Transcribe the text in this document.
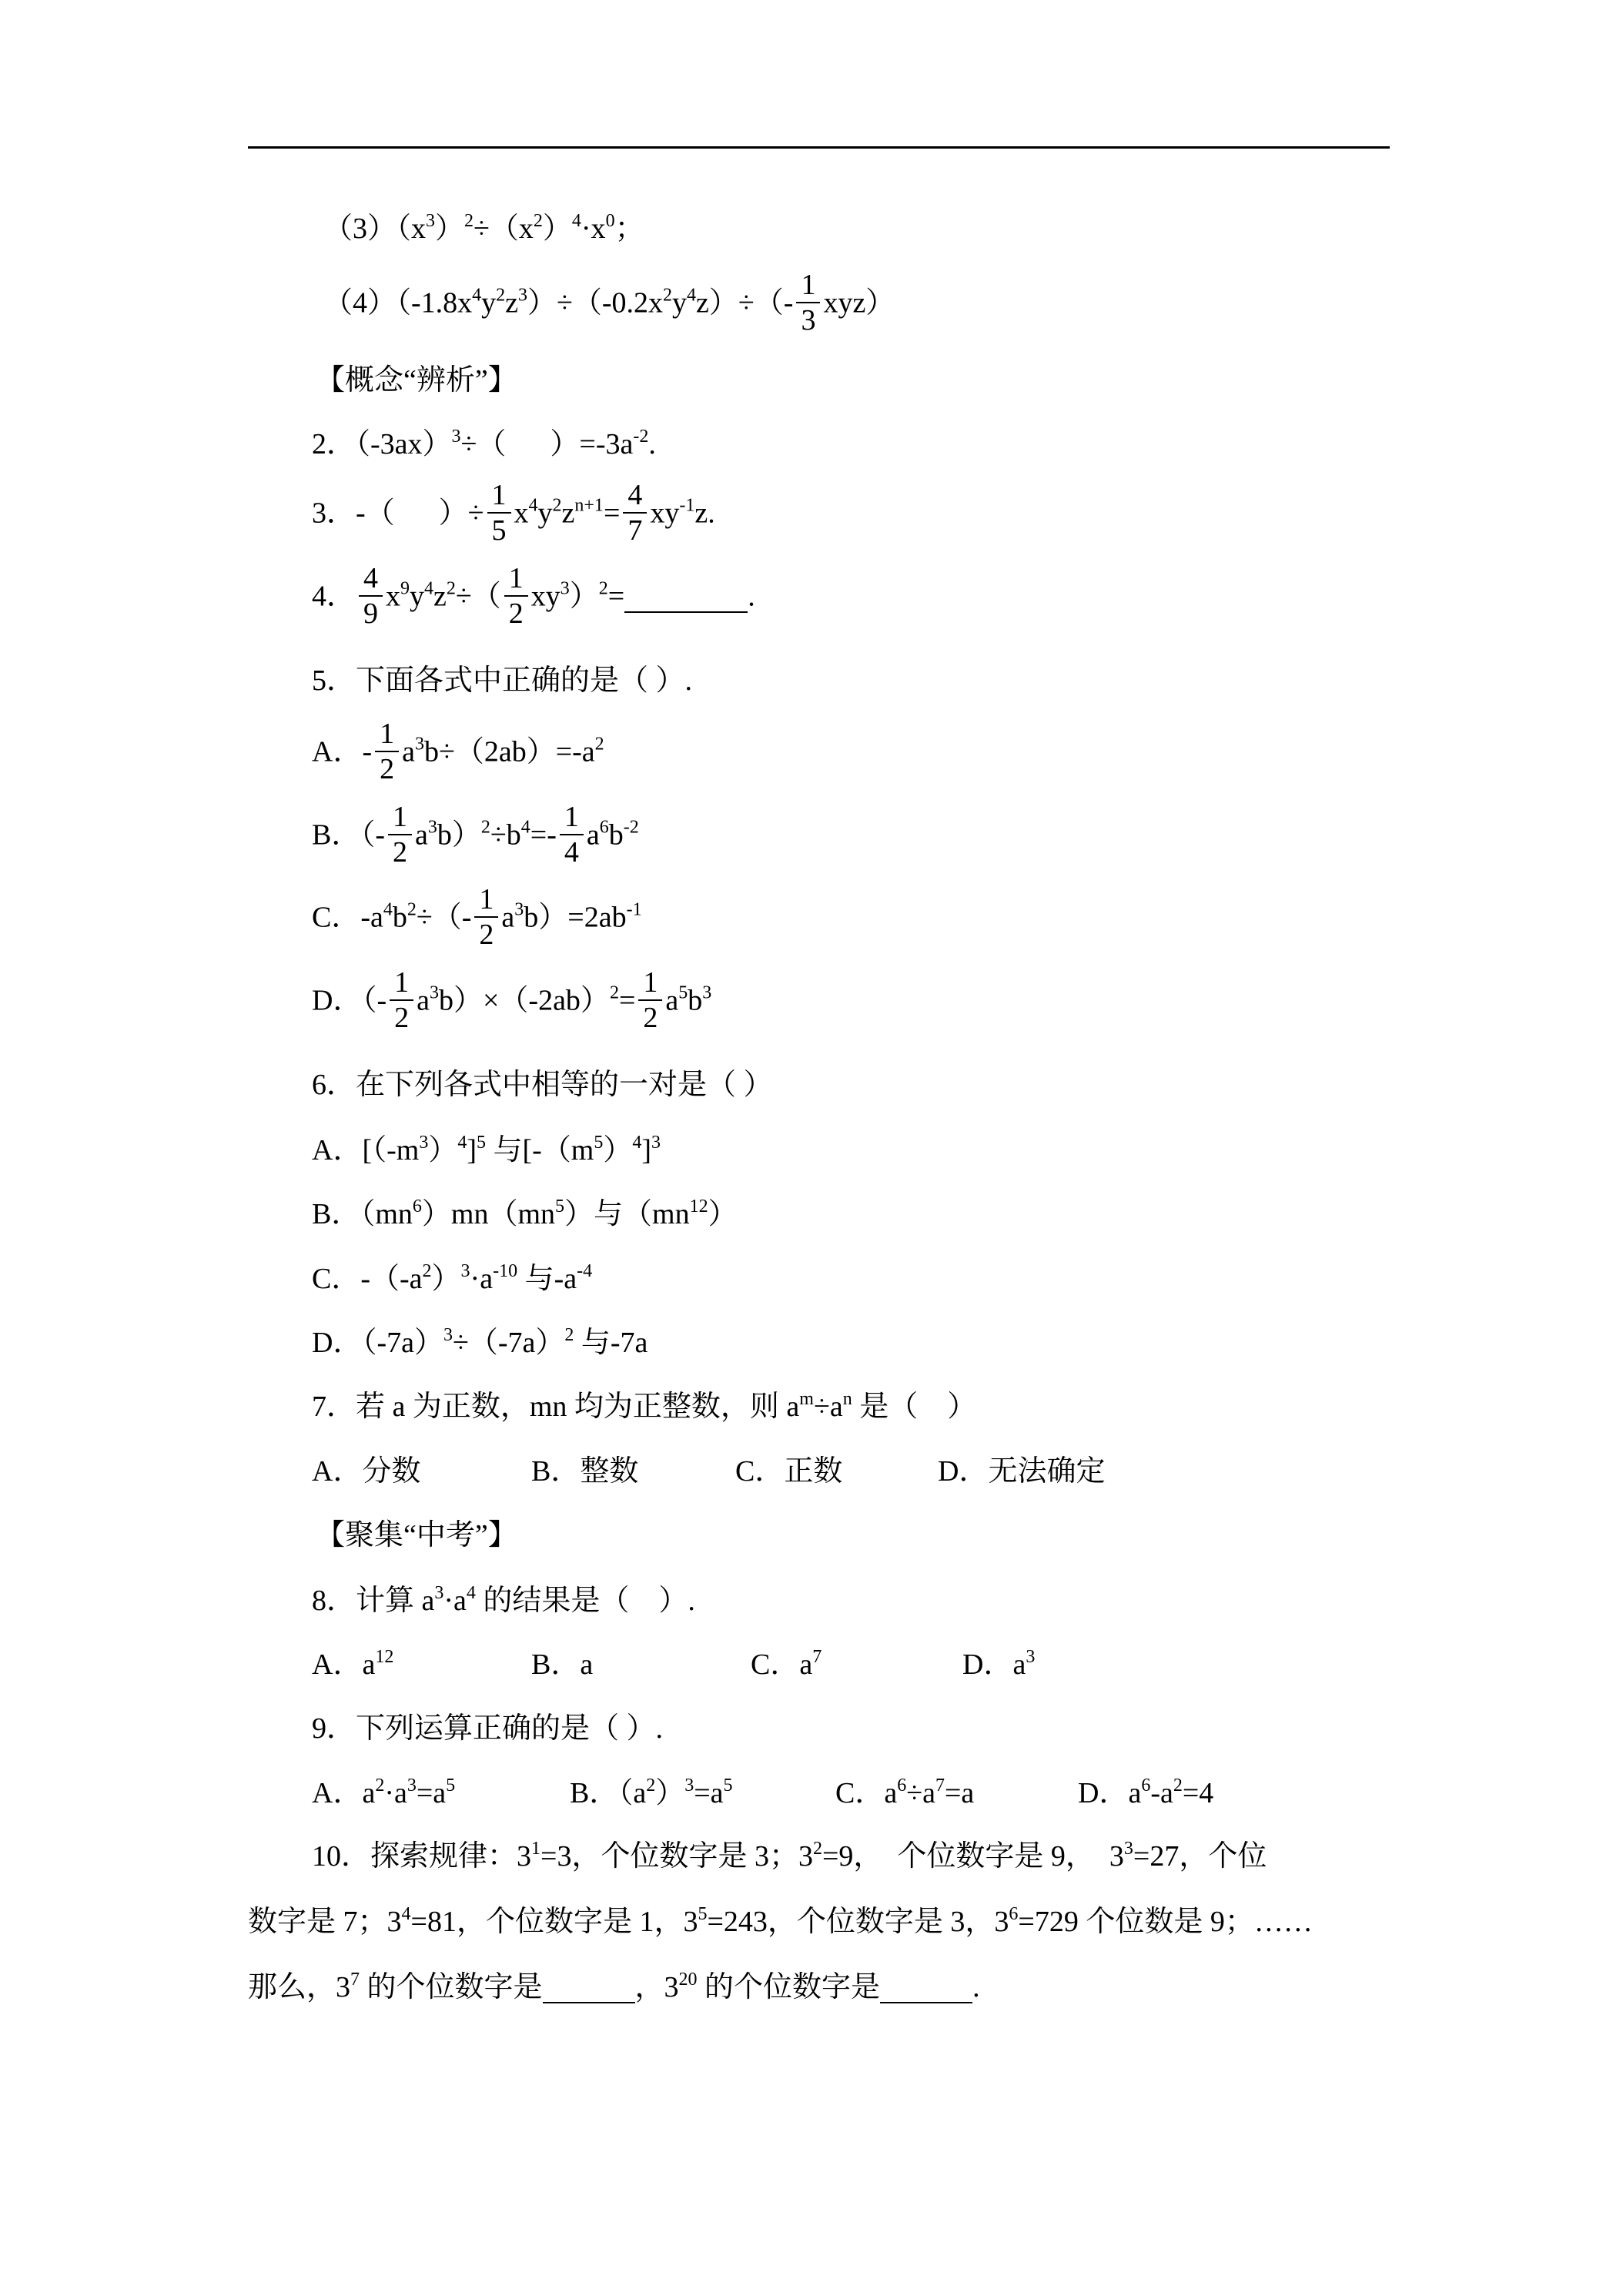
$(3)(x^3)^2\div(x^2)^4\cdot x^0$；
$(4)(-1.8x^4y^2z^3)\div(-0.2x^2y^4z)\div(- \frac{1}{3} xyz)$
【概念“辨析”】
2．$(-3ax)^3\div$（      ）$=-3a^{-2}$.
3．-（      ）÷ $\frac{1}{5} x^4y^2z^{n+1}= \frac{4}{7} xy^{-1}z$.
4． $\frac{4}{9} x^9y^4z^2\div( \frac{1}{2} xy^3)^2=$	.
5．下面各式中正确的是（ ）.
A．- $\frac{1}{2} a^3b\div(2ab)=-a^2$
B．（- $\frac{1}{2} a^3b)^2\div b^4=- \frac{1}{4} a^6b^{-2}$
C．$-a^4b^2\div(- \frac{1}{2} a^3b)=2ab^{-1}$
D．（- $\frac{1}{2} a^3b)\times(-2ab)^2= \frac{1}{2} a^5b^3$
6．在下列各式中相等的一对是（ ）
A．$[(-m^3)^4]^5$ 与$[-(m^5)^4]^3$
B．$(mn^6)mn(mn^5)$与$(mn^{12})$
C．$-(-a^2)^3\cdot a^{-10}$ 与$-a^{-4}$
D．$(-7a)^3\div(-7a)^2$ 与-7a
7．若 a 为正数，mn 均为正整数，则 $a^m\div a^n$ 是（    ）
A．分数	B．整数	C．正数	D．无法确定
【聚集“中考”】
8．计算 $a^3\cdot a^4$ 的结果是（    ）.
A．$a^{12}$	B．a	C．$a^7$	D．$a^3$
9．下列运算正确的是（ ）.
A．$a^2\cdot a^3=a^5$	B．$(a^2)^3=a^5$	C．$a^6\div a^7=a$	D．$a^6-a^2=4$
10．探索规律：$3^1=3$，个位数字是 3；$3^2=9$，  个位数字是 9，  $3^3=27$，个位
数字是 7；$3^4=81$，个位数字是 1，$3^5=243$，个位数字是 3，$3^6=729$ 个位数是 9；……
那么，$3^7$ 的个位数字是	，$3^{20}$ 的个位数字是	.
